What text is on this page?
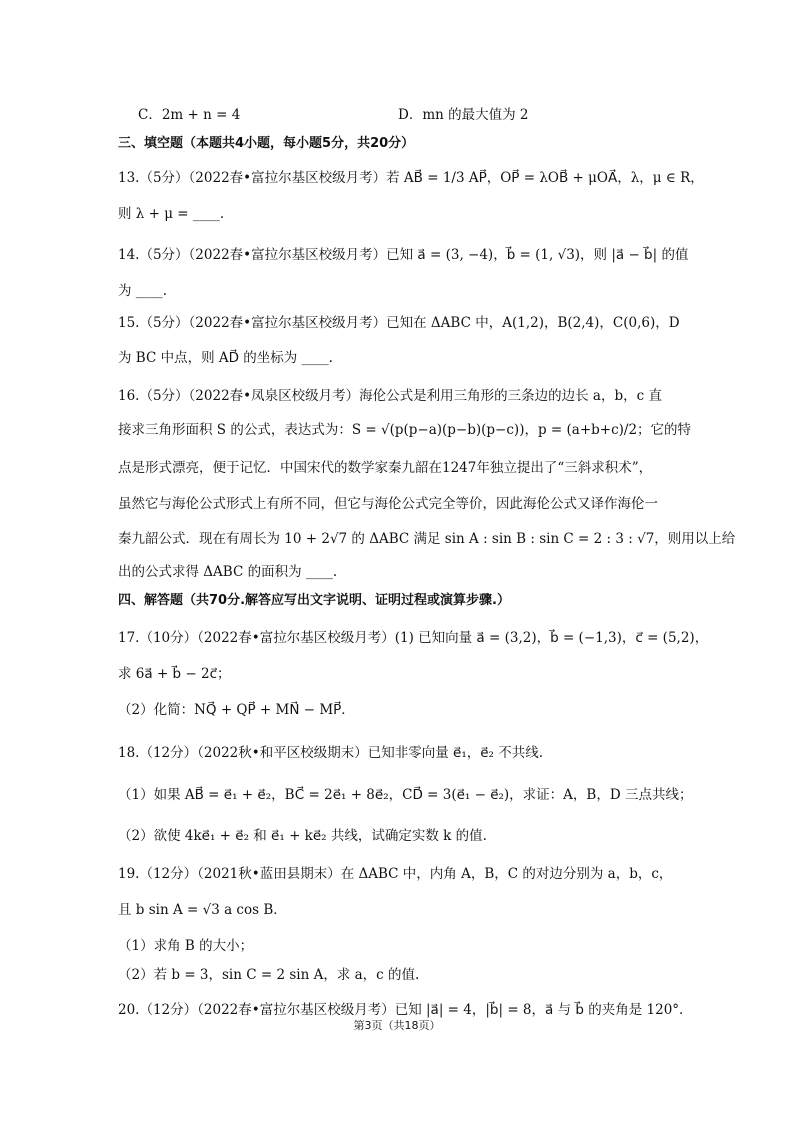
C．2m + n = 4	D．mn 的最大值为 2
三、填空题（本题共4小题，每小题5分，共20分）
13.（5分）（2022春•富拉尔基区校级月考）若 AB⃗ = 1/3 AP⃗，OP⃗ = λOB⃗ + μOA⃗，λ，μ ∈ R，
则 λ + μ = ____.
14.（5分）（2022春•富拉尔基区校级月考）已知 a⃗ = (3, −4)，b⃗ = (1, √3)，则 |a⃗ − b⃗| 的值
为 ____.
15.（5分）（2022春•富拉尔基区校级月考）已知在 ΔABC 中，A(1,2)，B(2,4)，C(0,6)，D
为 BC 中点，则 AD⃗ 的坐标为 ____.
16.（5分）（2022春•凤泉区校级月考）海伦公式是利用三角形的三条边的边长 a，b，c 直
接求三角形面积 S 的公式，表达式为：S = √(p(p−a)(p−b)(p−c))，p = (a+b+c)/2；它的特
点是形式漂亮，便于记忆．中国宋代的数学家秦九韶在1247年独立提出了“三斜求积术”，
虽然它与海伦公式形式上有所不同，但它与海伦公式完全等价，因此海伦公式又译作海伦一
秦九韶公式．现在有周长为 10 + 2√7 的 ΔABC 满足 sin A : sin B : sin C = 2 : 3 : √7，则用以上给
出的公式求得 ΔABC 的面积为 ____.
四、解答题（共70分.解答应写出文字说明、证明过程或演算步骤.）
17.（10分）（2022春•富拉尔基区校级月考）(1) 已知向量 a⃗ = (3,2)，b⃗ = (−1,3)，c⃗ = (5,2)，
求 6a⃗ + b⃗ − 2c⃗；
（2）化简：NQ⃗ + QP⃗ + MN⃗ − MP⃗．
18.（12分）（2022秋•和平区校级期末）已知非零向量 e⃗₁，e⃗₂ 不共线.
（1）如果 AB⃗ = e⃗₁ + e⃗₂，BC⃗ = 2e⃗₁ + 8e⃗₂，CD⃗ = 3(e⃗₁ − e⃗₂)，求证：A，B，D 三点共线；
（2）欲使 4ke⃗₁ + e⃗₂ 和 e⃗₁ + ke⃗₂ 共线，试确定实数 k 的值.
19.（12分）（2021秋•蓝田县期末）在 ΔABC 中，内角 A，B，C 的对边分别为 a，b，c，
且 b sin A = √3 a cos B．
（1）求角 B 的大小；
（2）若 b = 3，sin C = 2 sin A，求 a，c 的值.
20.（12分）（2022春•富拉尔基区校级月考）已知 |a⃗| = 4，|b⃗| = 8，a⃗ 与 b⃗ 的夹角是 120°．
第3页（共18页）
